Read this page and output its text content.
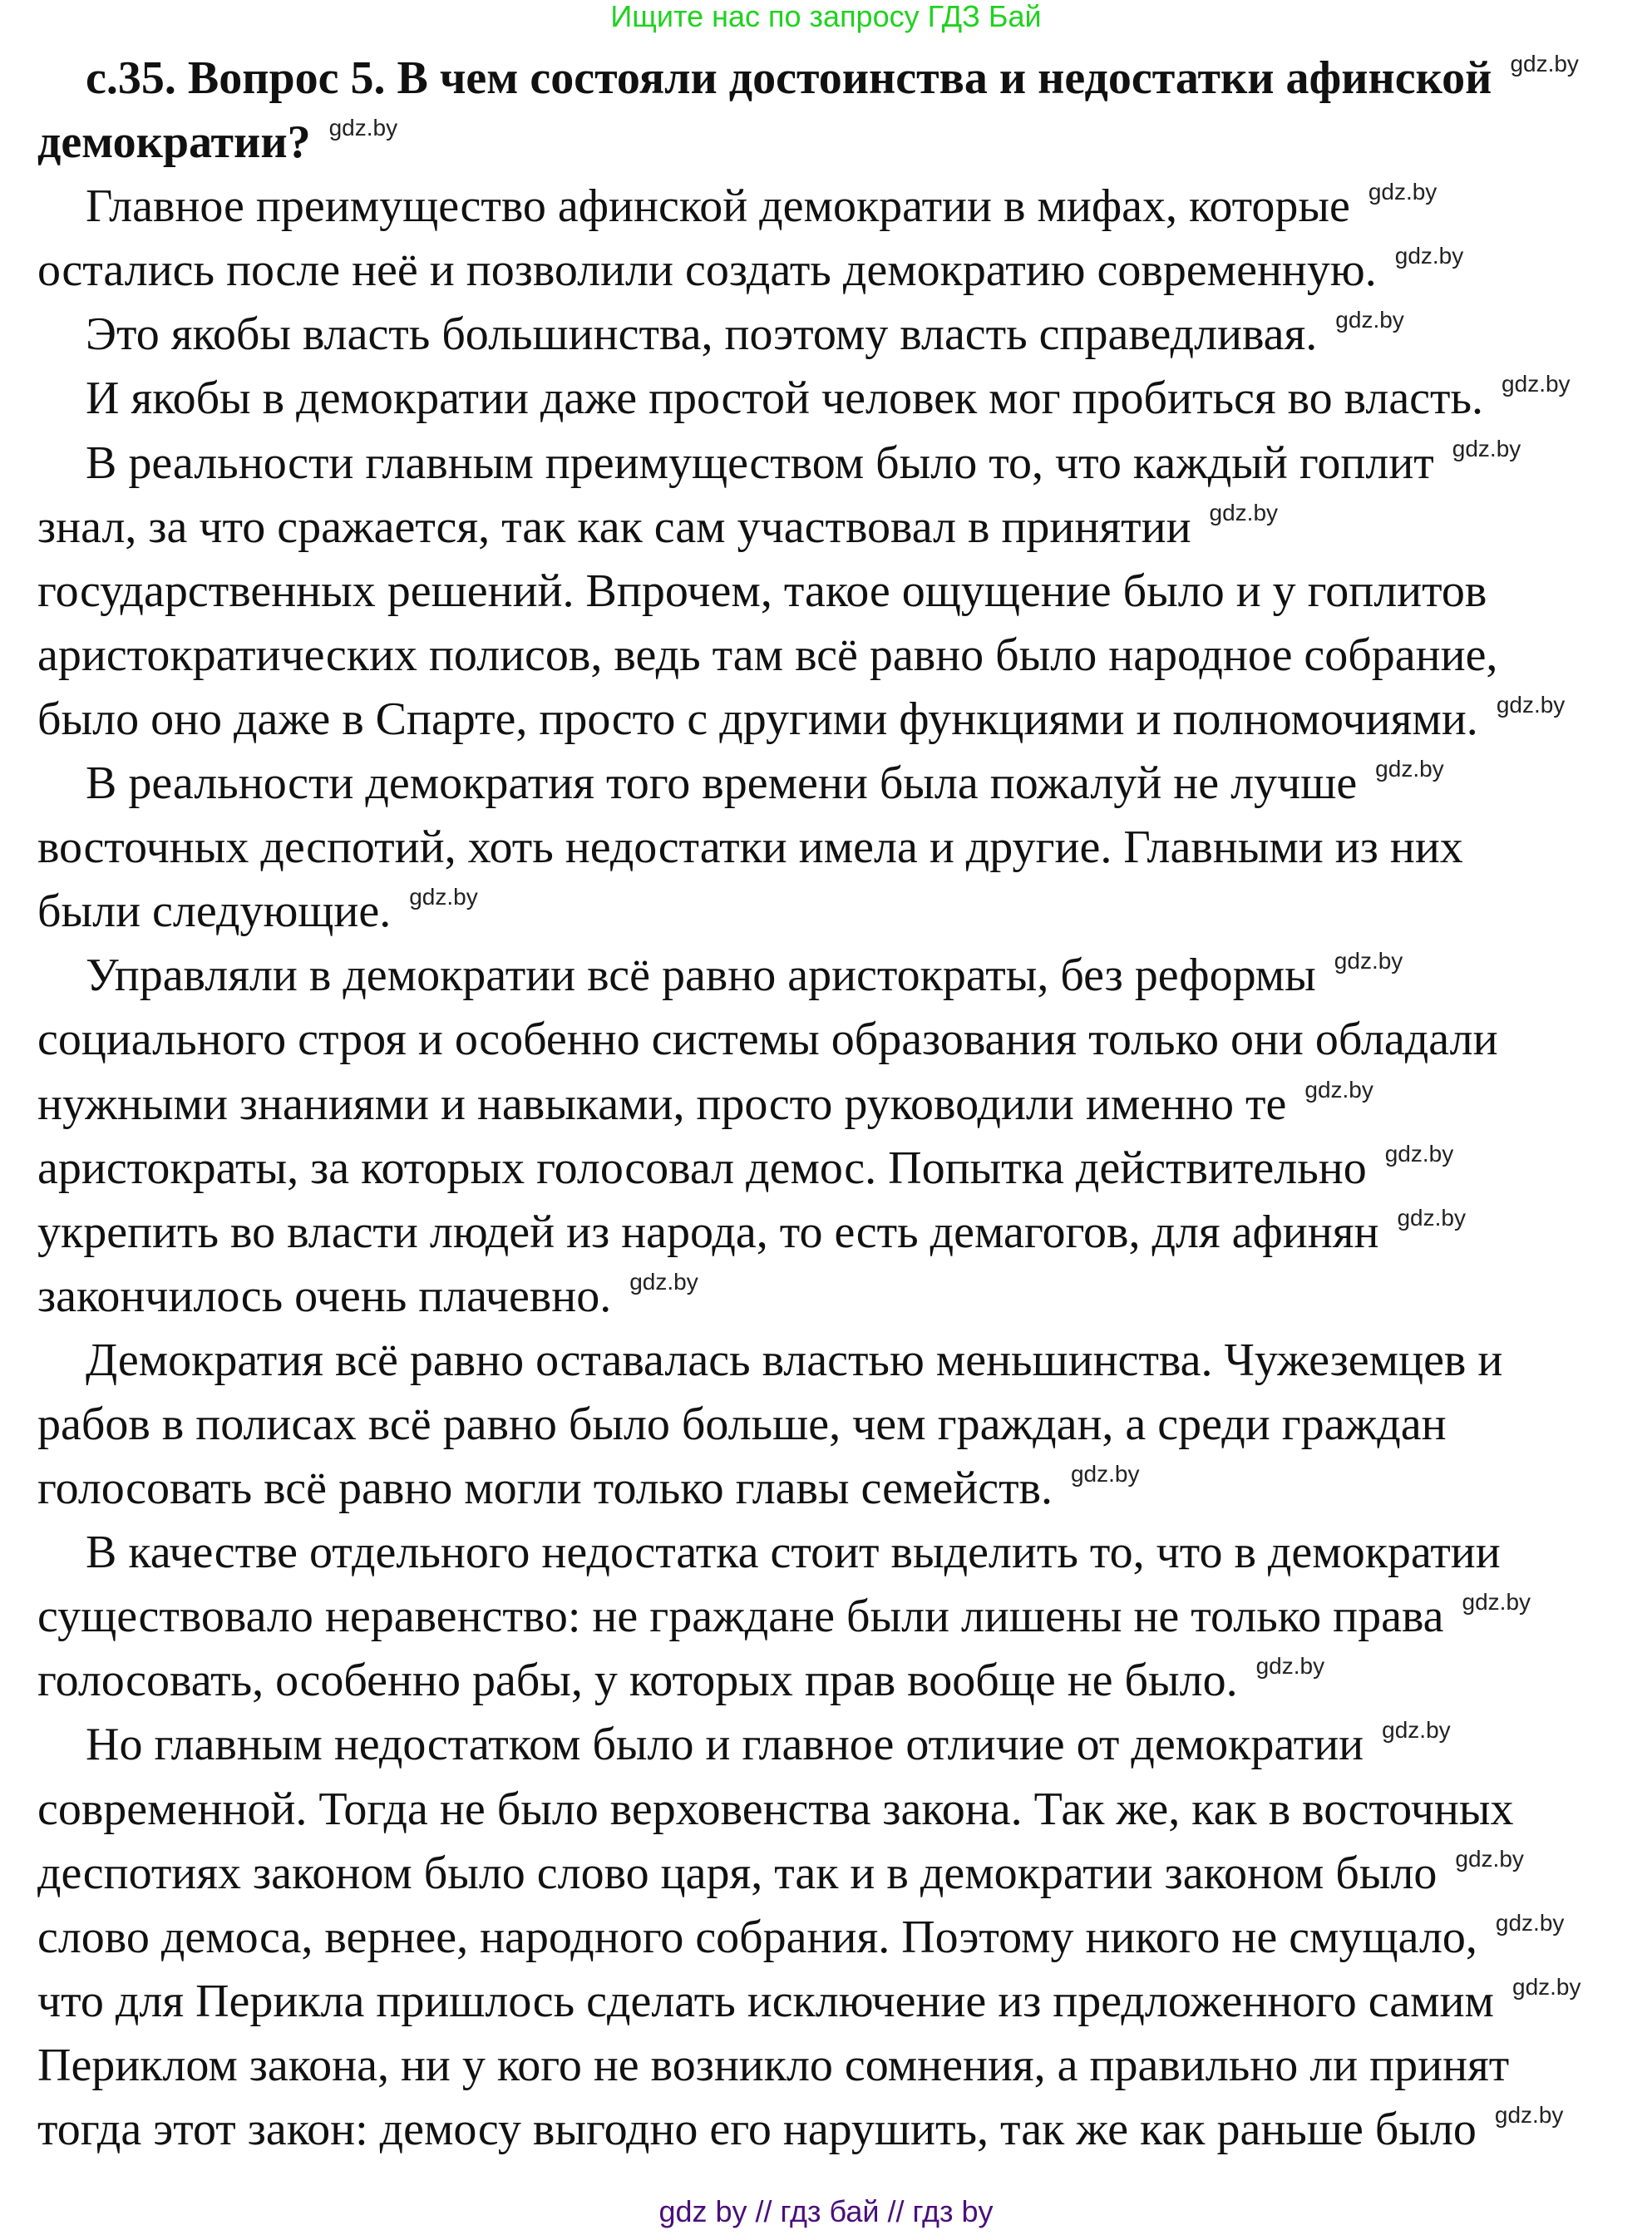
Ищите нас по запросу ГДЗ Бай
с.35. Вопрос 5. В чем состояли достоинства и недостатки афинской gdz.by
демократии? gdz.by
Главное преимущество афинской демократии в мифах, которые gdz.by
остались после неё и позволили создать демократию современную. gdz.by
Это якобы власть большинства, поэтому власть справедливая. gdz.by
И якобы в демократии даже простой человек мог пробиться во власть. gdz.by
В реальности главным преимуществом было то, что каждый гоплит gdz.by
знал, за что сражается, так как сам участвовал в принятии gdz.by
государственных решений. Впрочем, такое ощущение было и у гоплитов
аристократических полисов, ведь там всё равно было народное собрание,
было оно даже в Спарте, просто с другими функциями и полномочиями. gdz.by
В реальности демократия того времени была пожалуй не лучше gdz.by
восточных деспотий, хоть недостатки имела и другие. Главными из них
были следующие. gdz.by
Управляли в демократии всё равно аристократы, без реформы gdz.by
социального строя и особенно системы образования только они обладали
нужными знаниями и навыками, просто руководили именно те gdz.by
аристократы, за которых голосовал демос. Попытка действительно gdz.by
укрепить во власти людей из народа, то есть демагогов, для афинян gdz.by
закончилось очень плачевно. gdz.by
Демократия всё равно оставалась властью меньшинства. Чужеземцев и
рабов в полисах всё равно было больше, чем граждан, а среди граждан
голосовать всё равно могли только главы семейств. gdz.by
В качестве отдельного недостатка стоит выделить то, что в демократии
существовало неравенство: не граждане были лишены не только права gdz.by
голосовать, особенно рабы, у которых прав вообще не было. gdz.by
Но главным недостатком было и главное отличие от демократии gdz.by
современной. Тогда не было верховенства закона. Так же, как в восточных
деспотиях законом было слово царя, так и в демократии законом было gdz.by
слово демоса, вернее, народного собрания. Поэтому никого не смущало, gdz.by
что для Перикла пришлось сделать исключение из предложенного самим gdz.by
Периклом закона, ни у кого не возникло сомнения, а правильно ли принят
тогда этот закон: демосу выгодно его нарушить, так же как раньше было gdz.by
gdz by // гдз бай // гдз by
